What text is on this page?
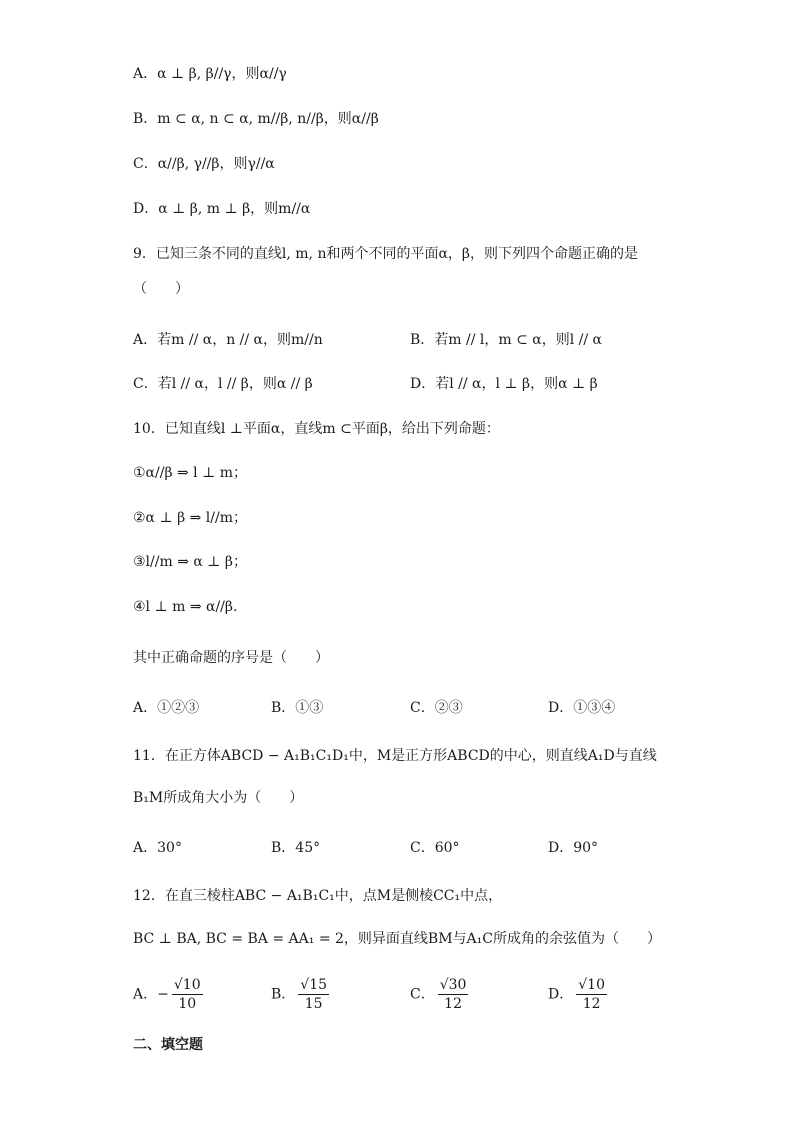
A．α ⊥ β, β//γ，则α//γ
B．m ⊂ α, n ⊂ α, m//β, n//β，则α//β
C．α//β, γ//β，则γ//α
D．α ⊥ β, m ⊥ β，则m//α
9．已知三条不同的直线l, m, n和两个不同的平面α，β，则下列四个命题正确的是
（　　）
A．若m // α，n // α，则m//n	B．若m // l，m ⊂ α，则l // α
C．若l // α，l // β，则α // β	D．若l // α，l ⊥ β，则α ⊥ β
10．已知直线l ⊥平面α，直线m ⊂平面β，给出下列命题：
①α//β ⇒ l ⊥ m；
②α ⊥ β ⇒ l//m；
③l//m ⇒ α ⊥ β；
④l ⊥ m ⇒ α//β.
其中正确命题的序号是（　　）
A．①②③	B．①③	C．②③	D．①③④
11．在正方体ABCD − A₁B₁C₁D₁中，M是正方形ABCD的中心，则直线A₁D与直线
B₁M所成角大小为（　　）
A．30°	B．45°	C．60°	D．90°
12．在直三棱柱ABC − A₁B₁C₁中，点M是侧棱CC₁中点，
BC ⊥ BA, BC = BA = AA₁ = 2，则异面直线BM与A₁C所成角的余弦值为（　　）
A．− √ $\frac{10}{10}$	B． √ $\frac{15}{15}$	C． √ $\frac{30}{12}$	D． √ $\frac{10}{12}$
二、填空题
